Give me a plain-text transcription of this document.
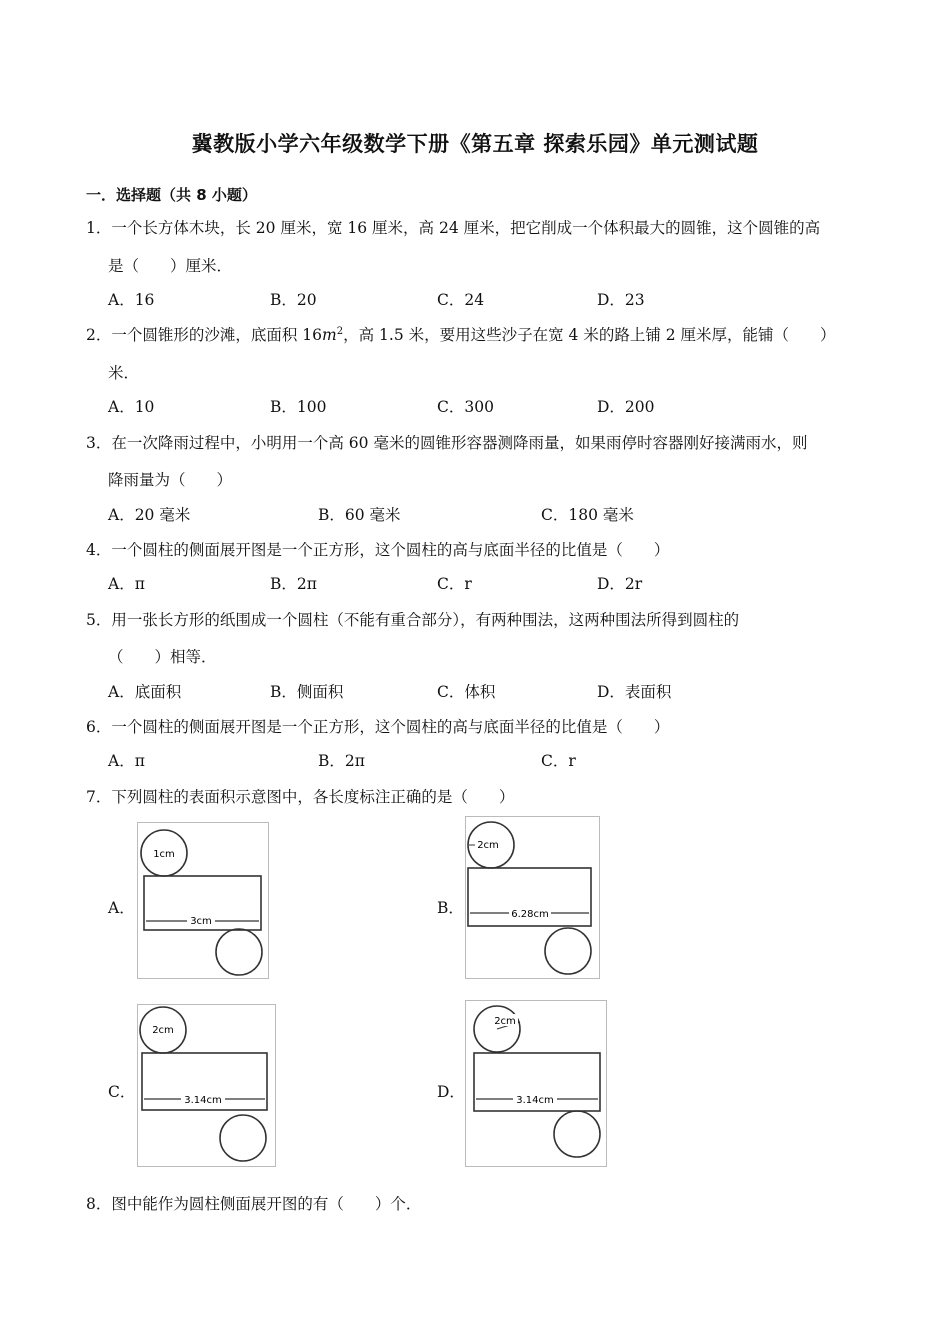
冀教版小学六年级数学下册《第五章 探索乐园》单元测试题
一．选择题（共 8 小题）
1．一个长方体木块，长 20 厘米，宽 16 厘米，高 24 厘米，把它削成一个体积最大的圆锥，这个圆锥的高
是（　　）厘米．
A．16	B．20	C．24	D．23
2．一个圆锥形的沙滩，底面积 $16m^2$，高 1.5 米，要用这些沙子在宽 4 米的路上铺 2 厘米厚，能铺（　　）
米．
A．10	B．100	C．300	D．200
3．在一次降雨过程中，小明用一个高 60 毫米的圆锥形容器测降雨量，如果雨停时容器刚好接满雨水，则
降雨量为（　　）
A．20 毫米	B．60 毫米	C．180 毫米
4．一个圆柱的侧面展开图是一个正方形，这个圆柱的高与底面半径的比值是（　　）
A．π	B．2π	C．r	D．2r
5．用一张长方形的纸围成一个圆柱（不能有重合部分），有两种围法，这两种围法所得到圆柱的
（　　）相等．
A．底面积	B．侧面积	C．体积	D．表面积
6．一个圆柱的侧面展开图是一个正方形，这个圆柱的高与底面半径的比值是（　　）
A．π	B．2π	C．r
7．下列圆柱的表面积示意图中，各长度标注正确的是（　　）
A．	B．
C．	D．
1cm
3cm
2cm
6.28cm
2cm
3.14cm
2cm
3.14cm
8．图中能作为圆柱侧面展开图的有（　　）个．
